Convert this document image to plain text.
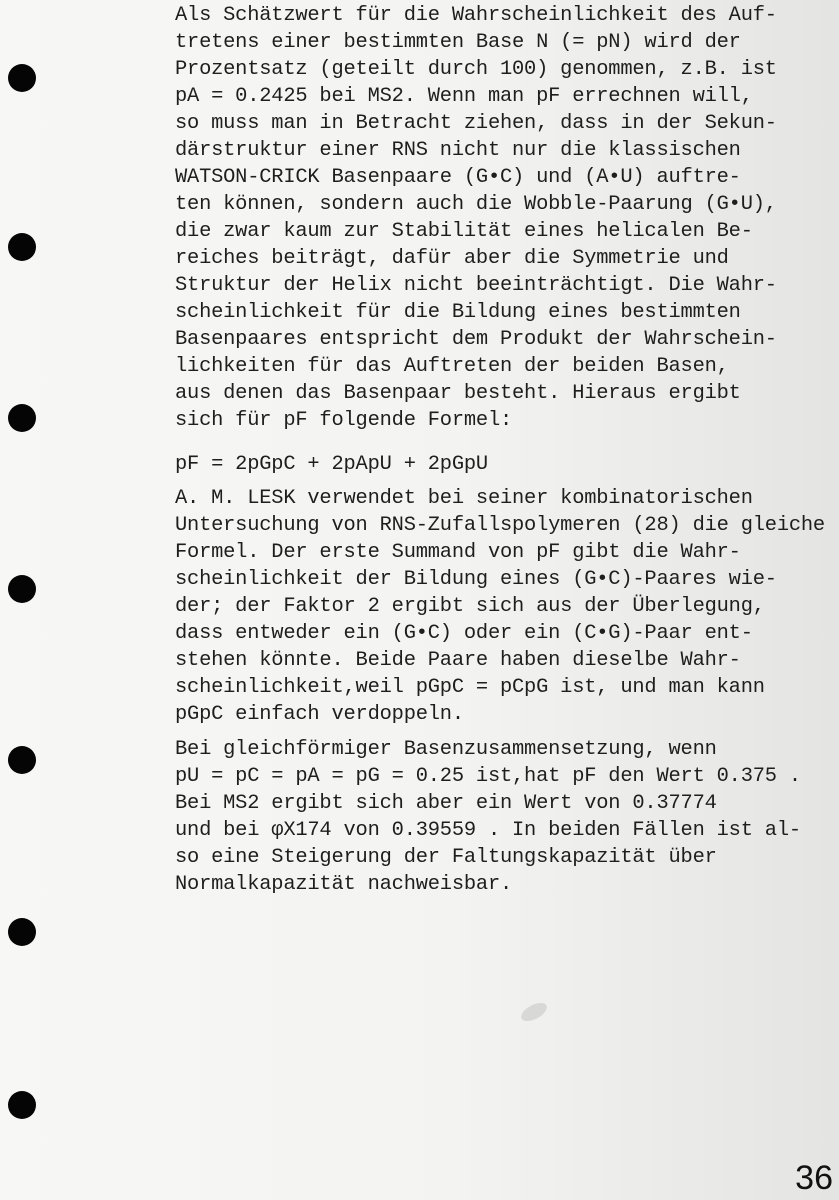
Als Schätzwert für die Wahrscheinlichkeit des Auf-
tretens einer bestimmten Base N (= pN) wird der
Prozentsatz (geteilt durch 100) genommen, z.B. ist
pA = 0.2425 bei MS2. Wenn man pF errechnen will,
so muss man in Betracht ziehen, dass in der Sekun-
därstruktur einer RNS nicht nur die klassischen
WATSON-CRICK Basenpaare (G•C) und (A•U) auftre-
ten können, sondern auch die Wobble-Paarung (G•U),
die zwar kaum zur Stabilität eines helicalen Be-
reiches beiträgt, dafür aber die Symmetrie und
Struktur der Helix nicht beeinträchtigt. Die Wahr-
scheinlichkeit für die Bildung eines bestimmten
Basenpaares entspricht dem Produkt der Wahrschein-
lichkeiten für das Auftreten der beiden Basen,
aus denen das Basenpaar besteht. Hieraus ergibt
sich für pF folgende Formel:
pF = 2pGpC + 2pApU + 2pGpU
A. M. LESK verwendet bei seiner kombinatorischen
Untersuchung von RNS-Zufallspolymeren (28) die gleiche
Formel. Der erste Summand von pF gibt die Wahr-
scheinlichkeit der Bildung eines (G•C)-Paares wie-
der; der Faktor 2 ergibt sich aus der Überlegung,
dass entweder ein (G•C) oder ein (C•G)-Paar ent-
stehen könnte. Beide Paare haben dieselbe Wahr-
scheinlichkeit,weil pGpC = pCpG ist, und man kann
pGpC einfach verdoppeln.
Bei gleichförmiger Basenzusammensetzung, wenn
pU = pC = pA = pG = 0.25 ist,hat pF den Wert 0.375 .
Bei MS2 ergibt sich aber ein Wert von 0.37774
und bei φX174 von 0.39559 . In beiden Fällen ist al-
so eine Steigerung der Faltungskapazität über
Normalkapazität nachweisbar.
36
